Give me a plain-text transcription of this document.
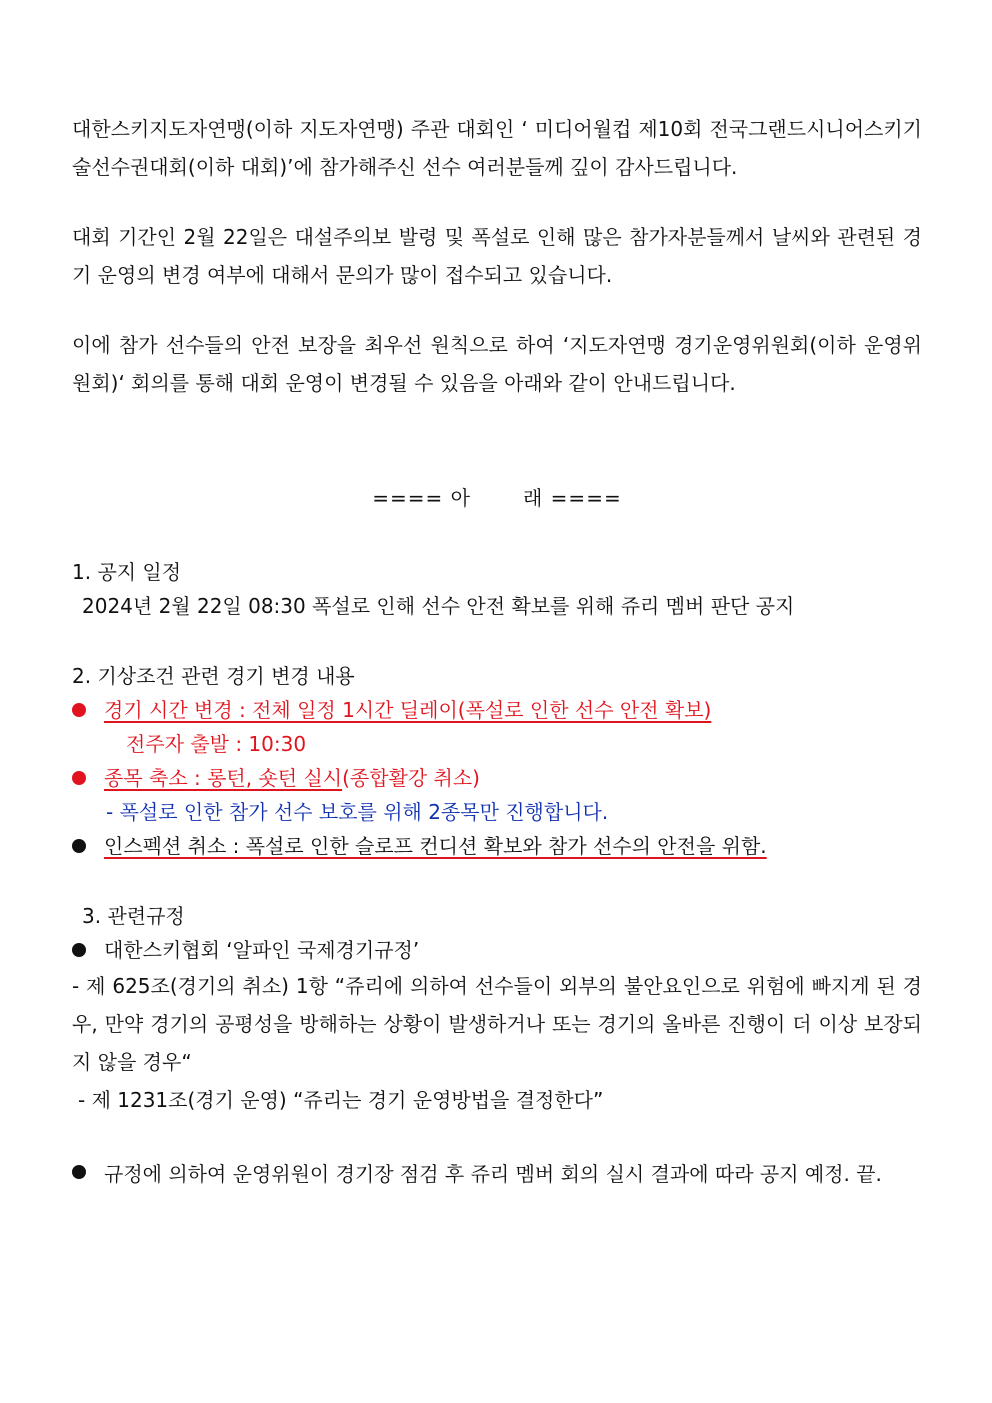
대한스키지도자연맹(이하 지도자연맹) 주관 대회인 ‘ 미디어월컵 제10회 전국그랜드시니어스키기술선수권대회(이하 대회)’에 참가해주신 선수 여러분들께 깊이 감사드립니다.

대회 기간인 2월 22일은 대설주의보 발령 및 폭설로 인해 많은 참가자분들께서 날씨와 관련된 경기 운영의 변경 여부에 대해서 문의가 많이 접수되고 있습니다.

이에 참가 선수들의 안전 보장을 최우선 원칙으로 하여 ‘지도자연맹 경기운영위원회(이하 운영위원회)‘ 회의를 통해 대회 운영이 변경될 수 있음을 아래와 같이 안내드립니다.

==== 아	래 ====

1. 공지 일정

2024년 2월 22일 08:30 폭설로 인해 선수 안전 확보를 위해 쥬리 멤버 판단 공지

2. 기상조건 관련 경기 변경 내용

경기 시간 변경 : 전체 일정 1시간 딜레이(폭설로 인한 선수 안전 확보)

전주자 출발 : 10:30

종목 축소 : 롱턴, 숏턴 실시(종합활강 취소)

- 폭설로 인한 참가 선수 보호를 위해 2종목만 진행합니다.

인스펙션 취소 : 폭설로 인한 슬로프 컨디션 확보와 참가 선수의 안전을 위함.

3. 관련규정

대한스키협회 ‘알파인 국제경기규정’

- 제 625조(경기의 취소) 1항 “쥬리에 의하여 선수들이 외부의 불안요인으로 위험에 빠지게 된 경우, 만약 경기의 공평성을 방해하는 상황이 발생하거나 또는 경기의 올바른 진행이 더 이상 보장되지 않을 경우“

- 제 1231조(경기 운영) “쥬리는 경기 운영방법을 결정한다”

규정에 의하여 운영위원이 경기장 점검 후 쥬리 멤버 회의 실시 결과에 따라 공지 예정. 끝.
